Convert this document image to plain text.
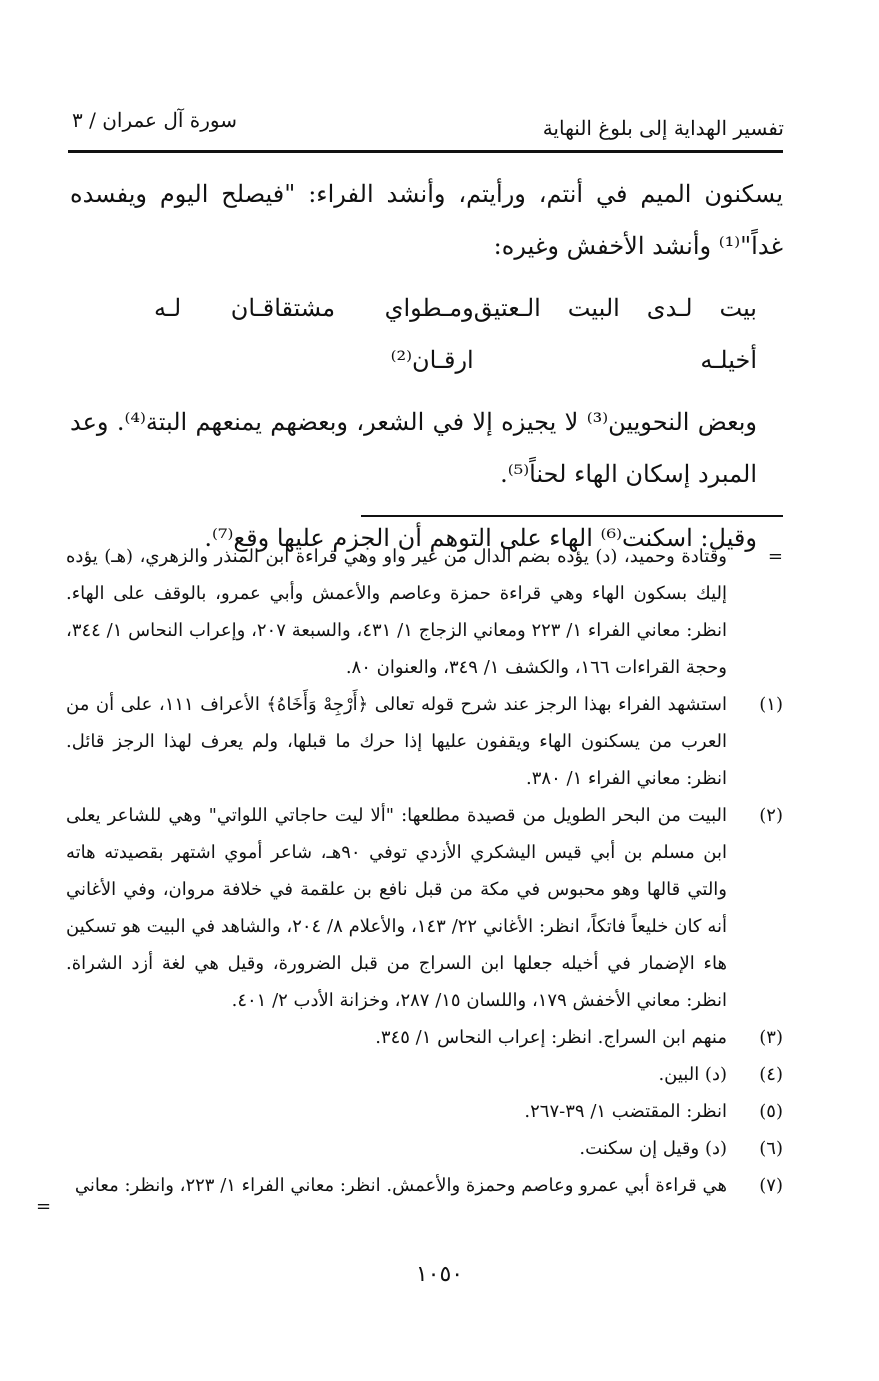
تفسير الهداية إلى بلوغ النهاية
سورة آل عمران / ٣

يسكنون الميم في أنتم، ورأيتم، وأنشد الفراء: "فيصلح اليوم ويفسده غداً"⁽¹⁾ وأنشد الأخفش وغيره:

بيت لـدى البيت الـعتيق أخيلـه
ومـطواي مشتقاقـان لـه ارقـان⁽²⁾

وبعض النحويين⁽³⁾ لا يجيزه إلا في الشعر، وبعضهم يمنعهم البتة⁽⁴⁾. وعد المبرد إسكان الهاء لحناً⁽⁵⁾.

وقيل: اسكنت⁽⁶⁾ الهاء على التوهم أن الجزم عليها وقع⁽⁷⁾.

=
وقتادة وحميد، (د) يؤده بضم الدال من غير واو وهي قراءة ابن المنذر والزهري، (هـ) يؤده إليك بسكون الهاء وهي قراءة حمزة وعاصم والأعمش وأبي عمرو، بالوقف على الهاء. انظر: معاني الفراء ١/ ٢٢٣ ومعاني الزجاج ١/ ٤٣١، والسبعة ٢٠٧، وإعراب النحاس ١/ ٣٤٤، وحجة القراءات ١٦٦، والكشف ١/ ٣٤٩، والعنوان ٨٠.
(١)
استشهد الفراء بهذا الرجز عند شرح قوله تعالى ﴿أَرْجِهْ وَأَخَاهُ﴾ الأعراف ١١١، على أن من العرب من يسكنون الهاء ويقفون عليها إذا حرك ما قبلها، ولم يعرف لهذا الرجز قائل. انظر: معاني الفراء ١/ ٣٨٠.
(٢)
البيت من البحر الطويل من قصيدة مطلعها: "ألا ليت حاجاتي اللواتي" وهي للشاعر يعلى ابن مسلم بن أبي قيس اليشكري الأزدي توفي ٩٠هـ، شاعر أموي اشتهر بقصيدته هاته والتي قالها وهو محبوس في مكة من قبل نافع بن علقمة في خلافة مروان، وفي الأغاني أنه كان خليعاً فاتكاً، انظر: الأغاني ٢٢/ ١٤٣، والأعلام ٨/ ٢٠٤، والشاهد في البيت هو تسكين هاء الإضمار في أخيله جعلها ابن السراج من قبل الضرورة، وقيل هي لغة أزد الشراة. انظر: معاني الأخفش ١٧٩، واللسان ١٥/ ٢٨٧، وخزانة الأدب ٢/ ٤٠١.
(٣)
منهم ابن السراج. انظر: إعراب النحاس ١/ ٣٤٥.
(٤)
(د) البين.
(٥)
انظر: المقتضب ١/ ٣٩-٢٦٧.
(٦)
(د) وقيل إن سكنت.
(٧)
هي قراءة أبي عمرو وعاصم وحمزة والأعمش. انظر: معاني الفراء ١/ ٢٢٣، وانظر: معاني
=
١٠٥٠
